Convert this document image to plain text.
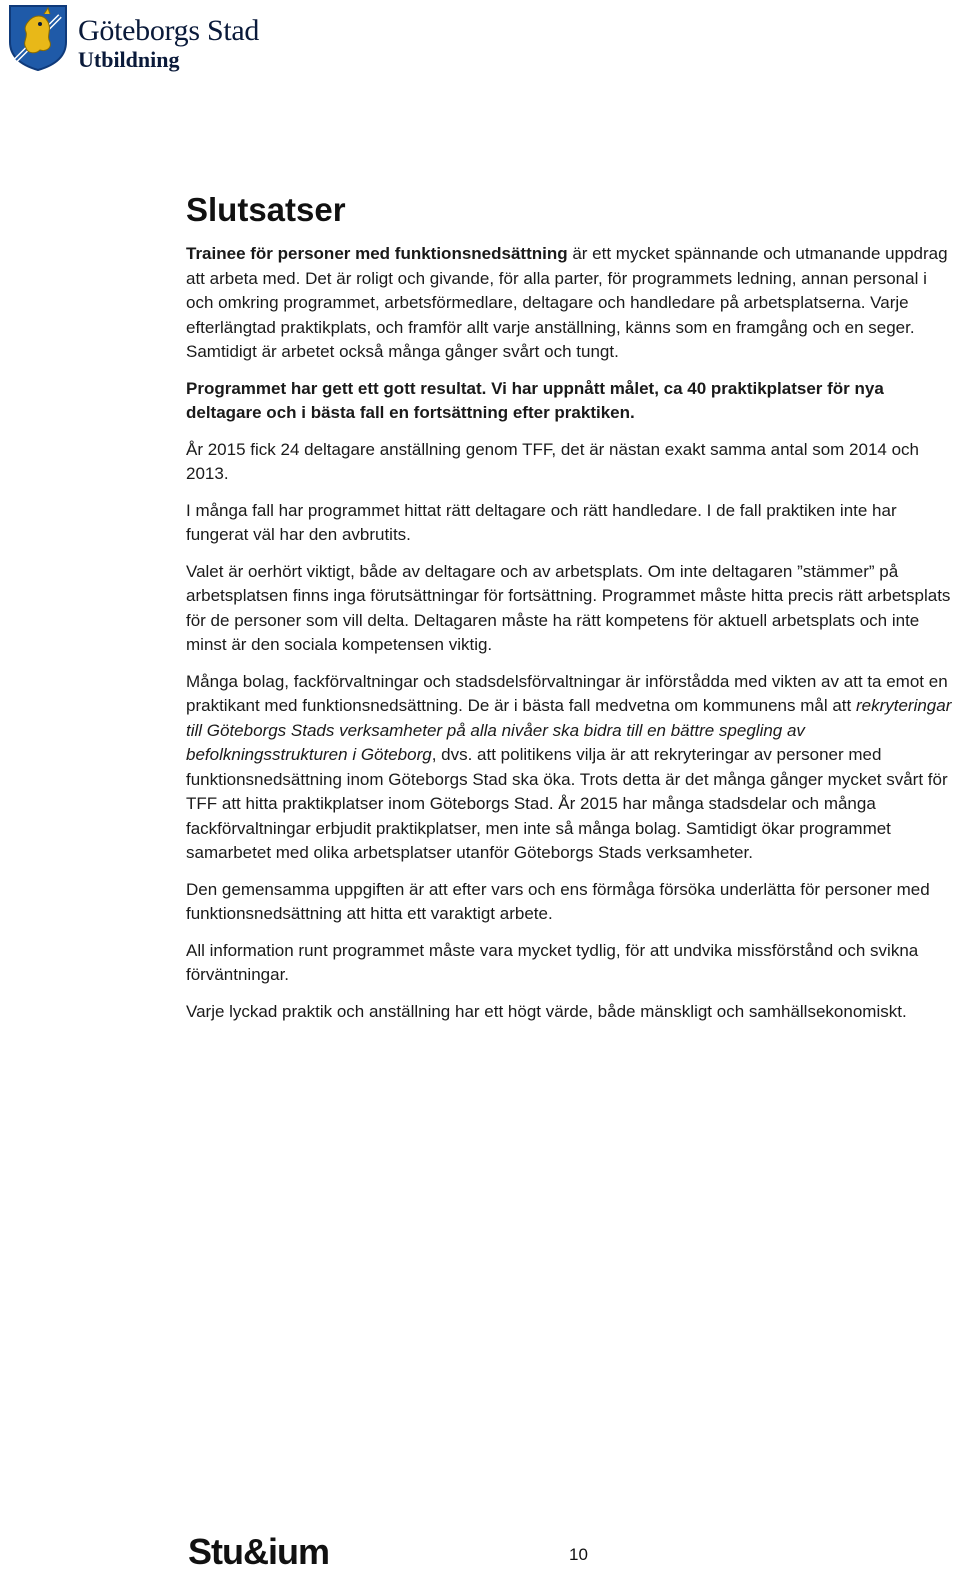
Göteborgs Stad
Utbildning
Slutsatser

Trainee för personer med funktionsnedsättning är ett mycket spännande och utmanande uppdrag att arbeta med. Det är roligt och givande, för alla parter, för programmets ledning, annan personal i och omkring programmet, arbetsförmedlare, deltagare och handledare på arbetsplatserna. Varje efterlängtad praktikplats, och framför allt varje anställning, känns som en framgång och en seger. Samtidigt är arbetet också många gånger svårt och tungt.

Programmet har gett ett gott resultat. Vi har uppnått målet, ca 40 praktikplatser för nya deltagare och i bästa fall en fortsättning efter praktiken.

År 2015 fick 24 deltagare anställning genom TFF, det är nästan exakt samma antal som 2014 och 2013.

I många fall har programmet hittat rätt deltagare och rätt handledare. I de fall praktiken inte har fungerat väl har den avbrutits.

Valet är oerhört viktigt, både av deltagare och av arbetsplats. Om inte deltagaren ”stämmer” på arbetsplatsen finns inga förutsättningar för fortsättning. Programmet måste hitta precis rätt arbetsplats för de personer som vill delta. Deltagaren måste ha rätt kompetens för aktuell arbetsplats och inte minst är den sociala kompetensen viktig.

Många bolag, fackförvaltningar och stadsdelsförvaltningar är införstådda med vikten av att ta emot en praktikant med funktionsnedsättning. De är i bästa fall medvetna om kommunens mål att rekryteringar till Göteborgs Stads verksamheter på alla nivåer ska bidra till en bättre spegling av befolkningsstrukturen i Göteborg, dvs. att politikens vilja är att rekryteringar av personer med funktionsnedsättning inom Göteborgs Stad ska öka. Trots detta är det många gånger mycket svårt för TFF att hitta praktikplatser inom Göteborgs Stad. År 2015 har många stadsdelar och många fackförvaltningar erbjudit praktikplatser, men inte så många bolag. Samtidigt ökar programmet samarbetet med olika arbetsplatser utanför Göteborgs Stads verksamheter.

Den gemensamma uppgiften är att efter vars och ens förmåga försöka underlätta för personer med funktionsnedsättning att hitta ett varaktigt arbete.

All information runt programmet måste vara mycket tydlig, för att undvika missförstånd och svikna förväntningar.

Varje lyckad praktik och anställning har ett högt värde, både mänskligt och samhällsekonomiskt.

Stu&ium	10
